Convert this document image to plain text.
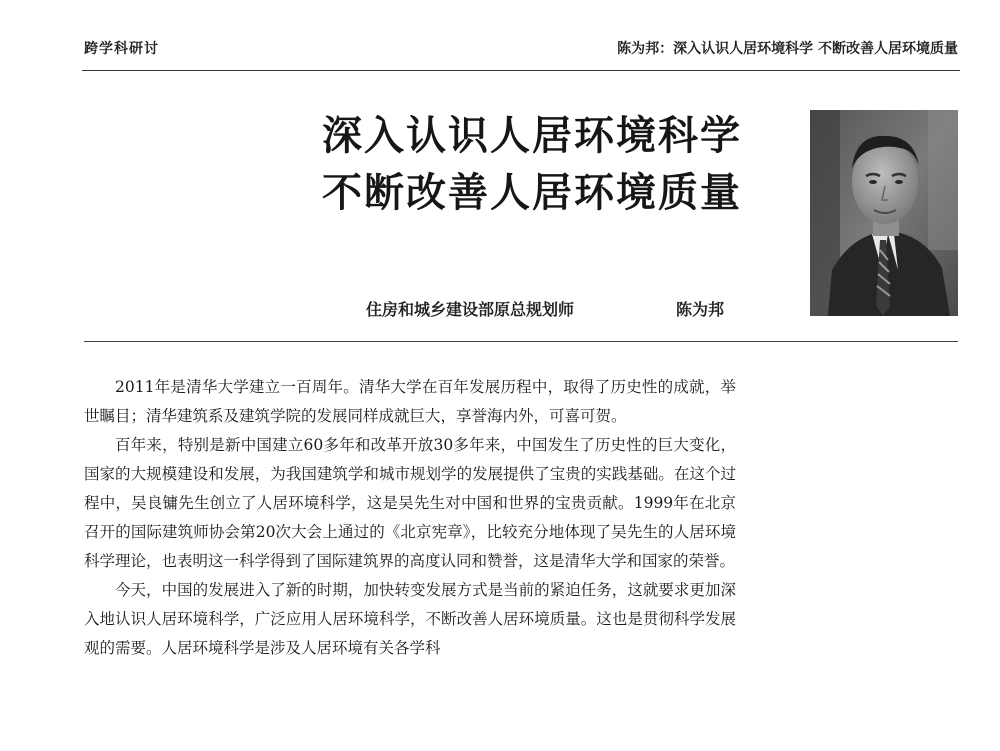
跨学科研讨	陈为邦：深入认识人居环境科学 不断改善人居环境质量
深入认识人居环境科学
不断改善人居环境质量
住房和城乡建设部原总规划师	陈为邦

2011年是清华大学建立一百周年。清华大学在百年发展历程中，取得了历史性的成就，举世瞩目；清华建筑系及建筑学院的发展同样成就巨大，享誉海内外，可喜可贺。

百年来，特别是新中国建立60多年和改革开放30多年来，中国发生了历史性的巨大变化，国家的大规模建设和发展，为我国建筑学和城市规划学的发展提供了宝贵的实践基础。在这个过程中，吴良镛先生创立了人居环境科学，这是吴先生对中国和世界的宝贵贡献。1999年在北京召开的国际建筑师协会第20次大会上通过的《北京宪章》，比较充分地体现了吴先生的人居环境科学理论，也表明这一科学得到了国际建筑界的高度认同和赞誉，这是清华大学和国家的荣誉。

今天，中国的发展进入了新的时期，加快转变发展方式是当前的紧迫任务，这就要求更加深入地认识人居环境科学，广泛应用人居环境科学，不断改善人居环境质量。这也是贯彻科学发展观的需要。人居环境科学是涉及人居环境有关各学科
